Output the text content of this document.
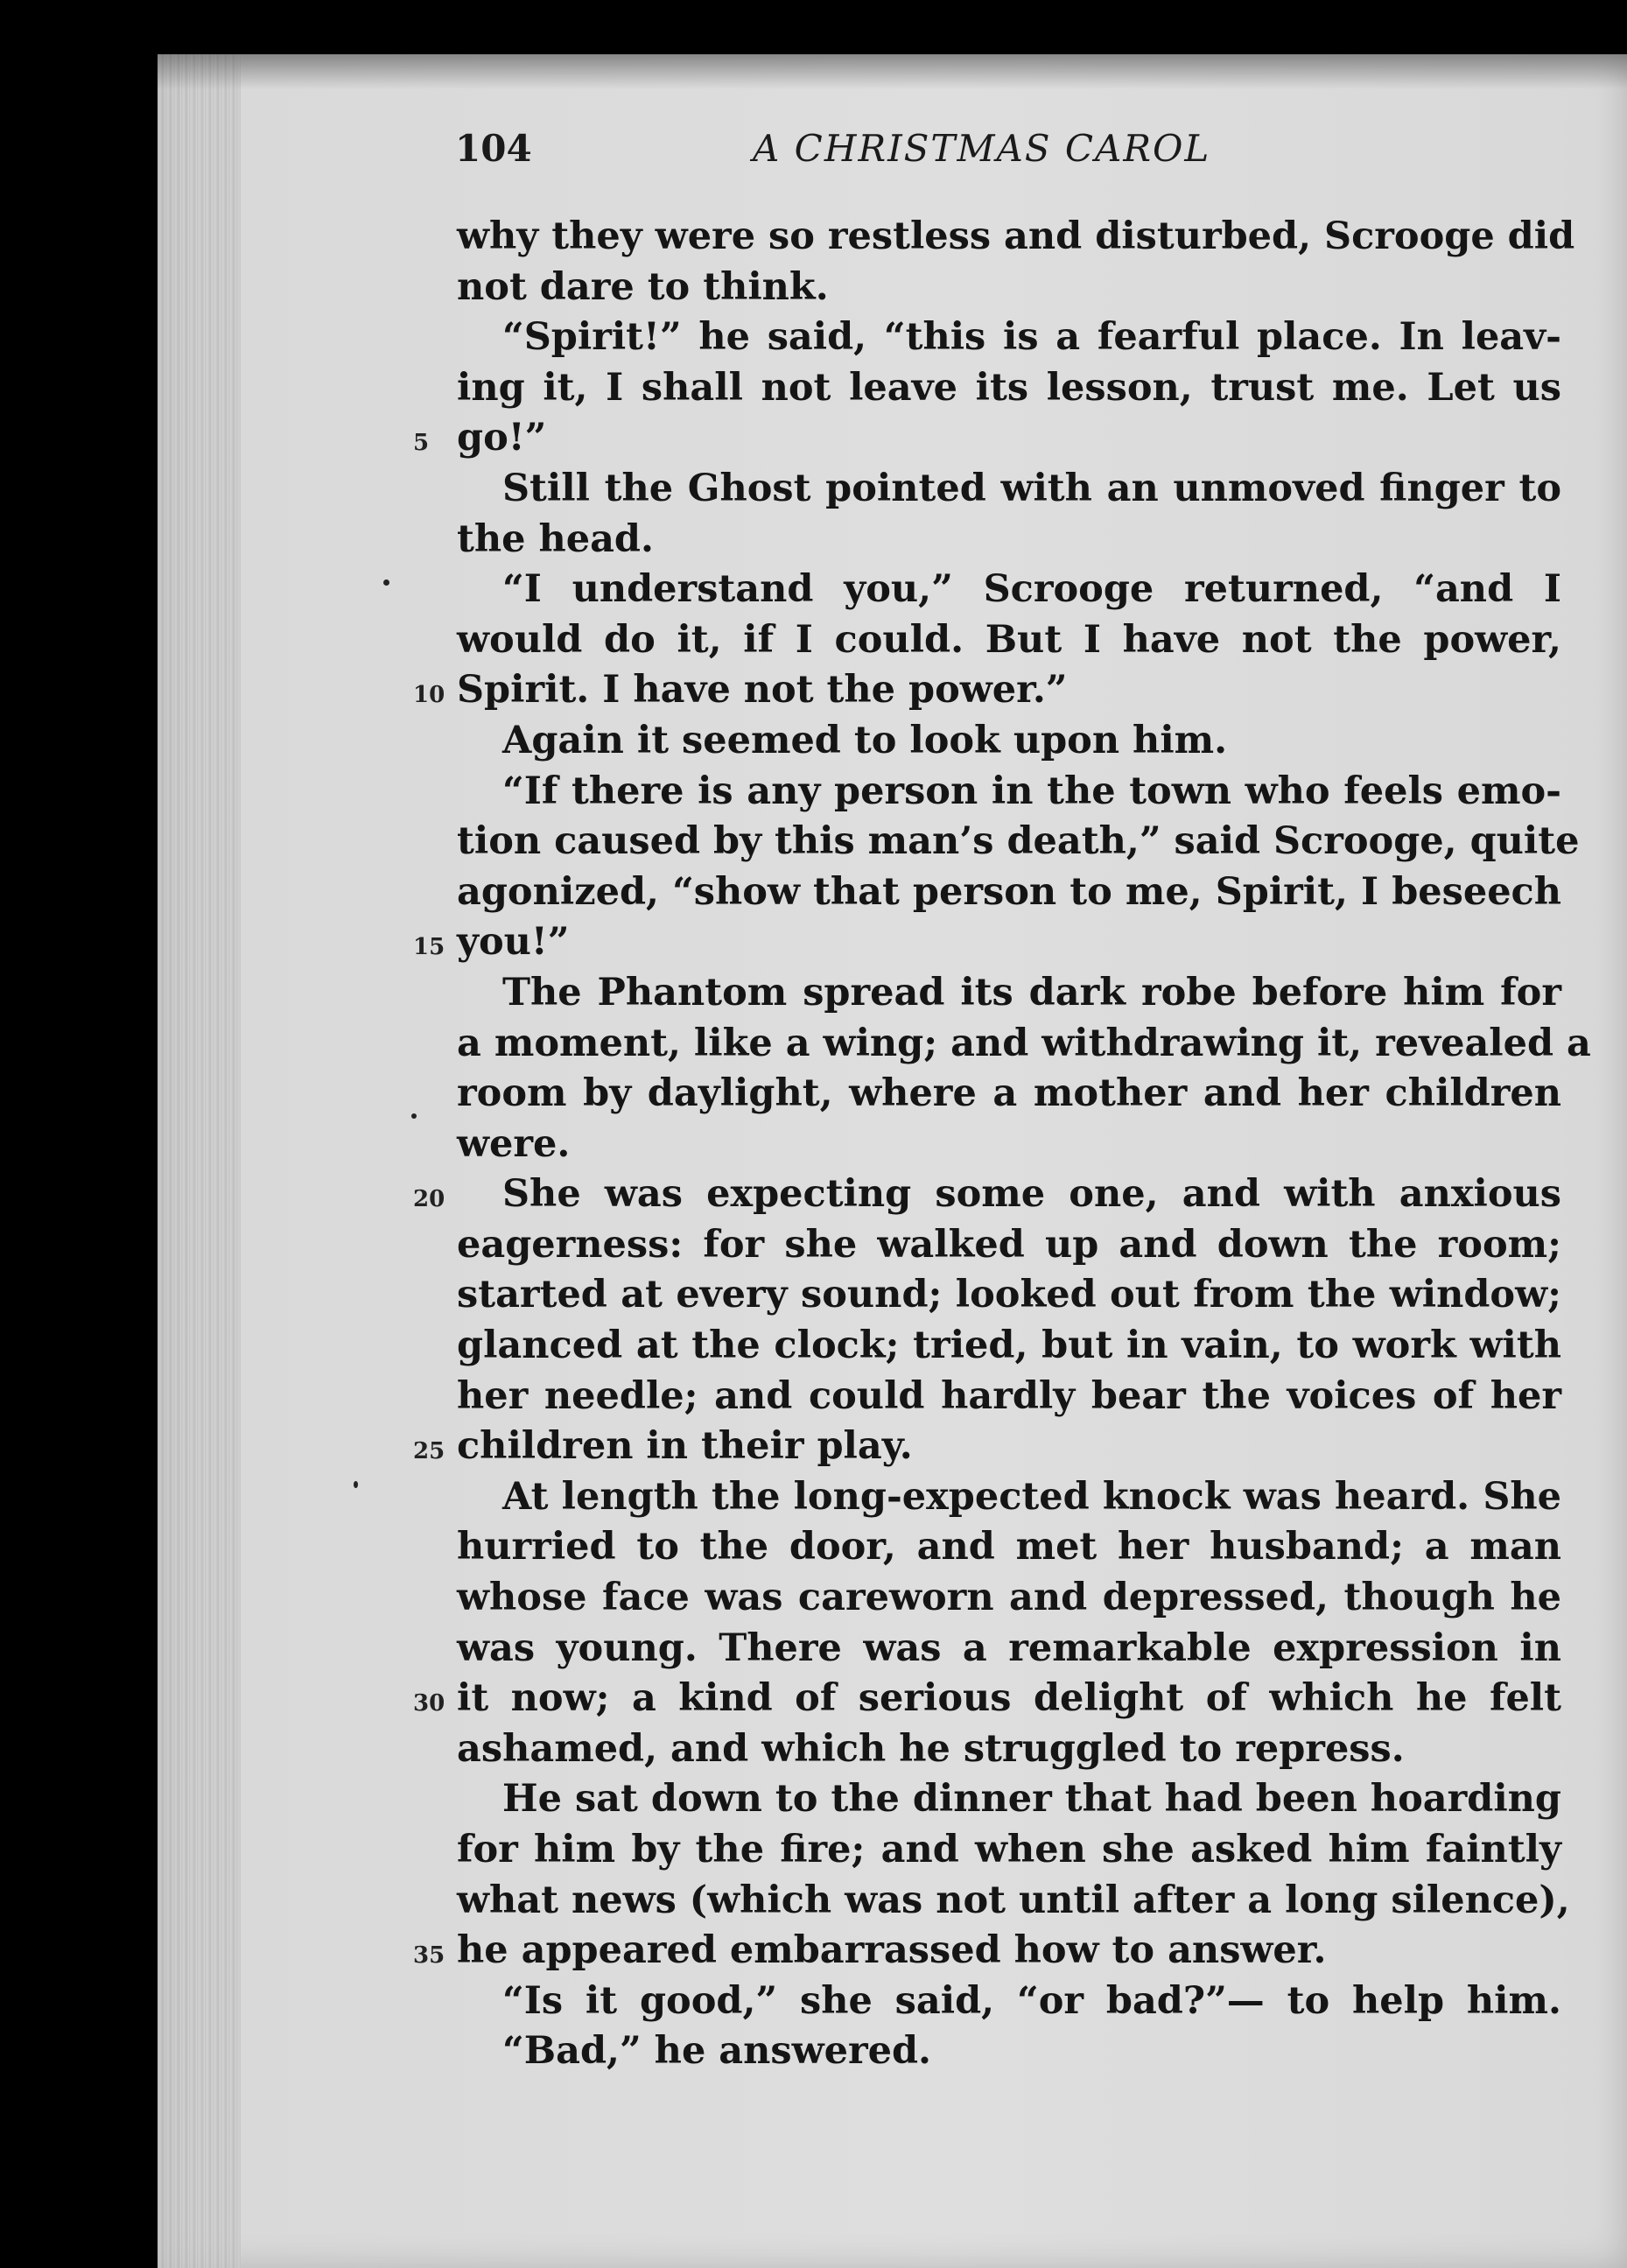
104	A CHRISTMAS CAROL
why they were so restless and disturbed, Scrooge did
not dare to think.
“Spirit!” he said, “this is a fearful place. In leav-
ing it, I shall not leave its lesson, trust me. Let us
5 go!”
Still the Ghost pointed with an unmoved finger to
the head.
“I understand you,” Scrooge returned, “and I
would do it, if I could. But I have not the power,
10 Spirit. I have not the power.”
Again it seemed to look upon him.
“If there is any person in the town who feels emo-
tion caused by this man’s death,” said Scrooge, quite
agonized, “show that person to me, Spirit, I beseech
15 you!”
The Phantom spread its dark robe before him for
a moment, like a wing; and withdrawing it, revealed a
room by daylight, where a mother and her children
were.
20	She was expecting some one, and with anxious
eagerness: for she walked up and down the room;
started at every sound; looked out from the window;
glanced at the clock; tried, but in vain, to work with
her needle; and could hardly bear the voices of her
25 children in their play.
At length the long-expected knock was heard. She
hurried to the door, and met her husband; a man
whose face was careworn and depressed, though he
was young. There was a remarkable expression in
30 it now; a kind of serious delight of which he felt
ashamed, and which he struggled to repress.
He sat down to the dinner that had been hoarding
for him by the fire; and when she asked him faintly
what news (which was not until after a long silence),
35 he appeared embarrassed how to answer.
“Is it good,” she said, “or bad?”— to help him.
“Bad,” he answered.
